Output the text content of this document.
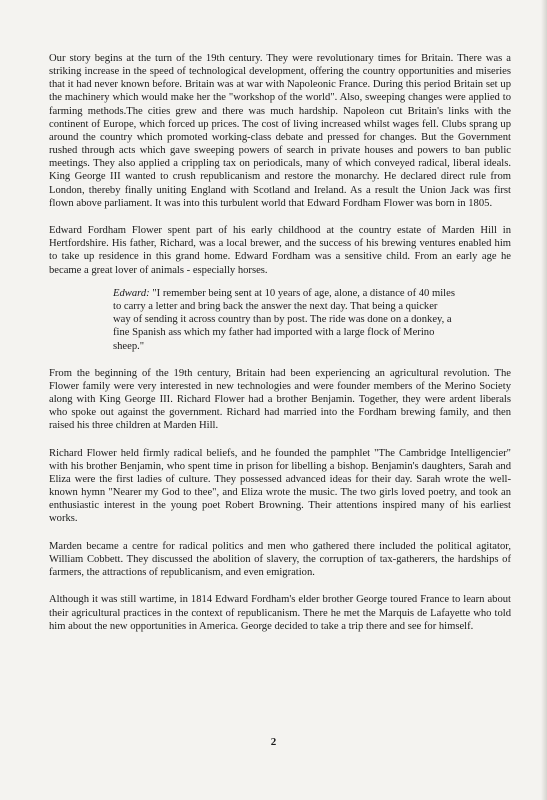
Our story begins at the turn of the 19th century. They were revolutionary times for Britain. There was a striking increase in the speed of technological development, offering the country opportunities and miseries that it had never known before. Britain was at war with Napoleonic France. During this period Britain set up the machinery which would make her the "workshop of the world". Also, sweeping changes were applied to farming methods.The cities grew and there was much hardship. Napoleon cut Britain's links with the continent of Europe, which forced up prices. The cost of living increased whilst wages fell. Clubs sprang up around the country which promoted working-class debate and pressed for changes. But the Government rushed through acts which gave sweeping powers of search in private houses and powers to ban public meetings. They also applied a crippling tax on periodicals, many of which conveyed radical, liberal ideals. King George III wanted to crush republicanism and restore the monarchy. He declared direct rule from London, thereby finally uniting England with Scotland and Ireland. As a result the Union Jack was first flown above parliament. It was into this turbulent world that Edward Fordham Flower was born in 1805.

Edward Fordham Flower spent part of his early childhood at the country estate of Marden Hill in Hertfordshire. His father, Richard, was a local brewer, and the success of his brewing ventures enabled him to take up residence in this grand home. Edward Fordham was a sensitive child. From an early age he became a great lover of animals - especially horses.

Edward: "I remember being sent at 10 years of age, alone, a distance of 40 miles to carry a letter and bring back the answer the next day. That being a quicker way of sending it across country than by post. The ride was done on a donkey, a fine Spanish ass which my father had imported with a large flock of Merino sheep."

From the beginning of the 19th century, Britain had been experiencing an agricultural revolution. The Flower family were very interested in new technologies and were founder members of the Merino Society along with King George III. Richard Flower had a brother Benjamin. Together, they were ardent liberals who spoke out against the government. Richard had married into the Fordham brewing family, and then raised his three children at Marden Hill.

Richard Flower held firmly radical beliefs, and he founded the pamphlet "The Cambridge Intelligencier" with his brother Benjamin, who spent time in prison for libelling a bishop. Benjamin's daughters, Sarah and Eliza were the first ladies of culture. They possessed advanced ideas for their day. Sarah wrote the well-known hymn "Nearer my God to thee", and Eliza wrote the music. The two girls loved poetry, and took an enthusiastic interest in the young poet Robert Browning. Their attentions inspired many of his earliest works.

Marden became a centre for radical politics and men who gathered there included the political agitator, William Cobbett. They discussed the abolition of slavery, the corruption of tax-gatherers, the hardships of farmers, the attractions of republicanism, and even emigration.

Although it was still wartime, in 1814 Edward Fordham's elder brother George toured France to learn about their agricultural practices in the context of republicanism. There he met the Marquis de Lafayette who told him about the new opportunities in America. George decided to take a trip there and see for himself.

2
